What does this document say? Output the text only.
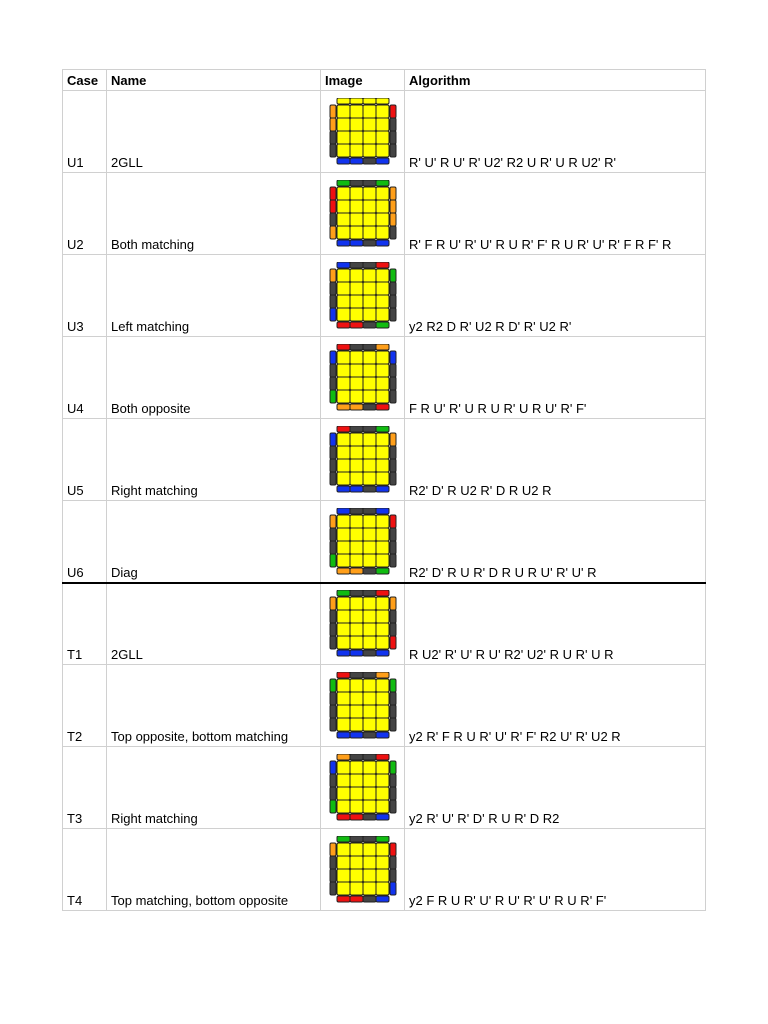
Case	Name	Image	Algorithm
U1	2GLL		R' U' R U' R' U2' R2 U R' U R U2' R'
U2	Both matching		R' F R U' R' U' R U R' F' R U R' U' R' F R F' R
U3	Left matching		y2 R2 D R' U2 R D' R' U2 R'
U4	Both opposite		F R U' R' U R U R' U R U' R' F'
U5	Right matching		R2' D' R U2 R' D R U2 R
U6	Diag		R2' D' R U R' D R U R U' R' U' R
T1	2GLL		R U2' R' U' R U' R2' U2' R U R' U R
T2	Top opposite, bottom matching		y2 R' F R U R' U' R' F' R2 U' R' U2 R
T3	Right matching		y2 R' U' R' D' R U R' D R2
T4	Top matching, bottom opposite		y2 F R U R' U' R U' R' U' R U R' F'
